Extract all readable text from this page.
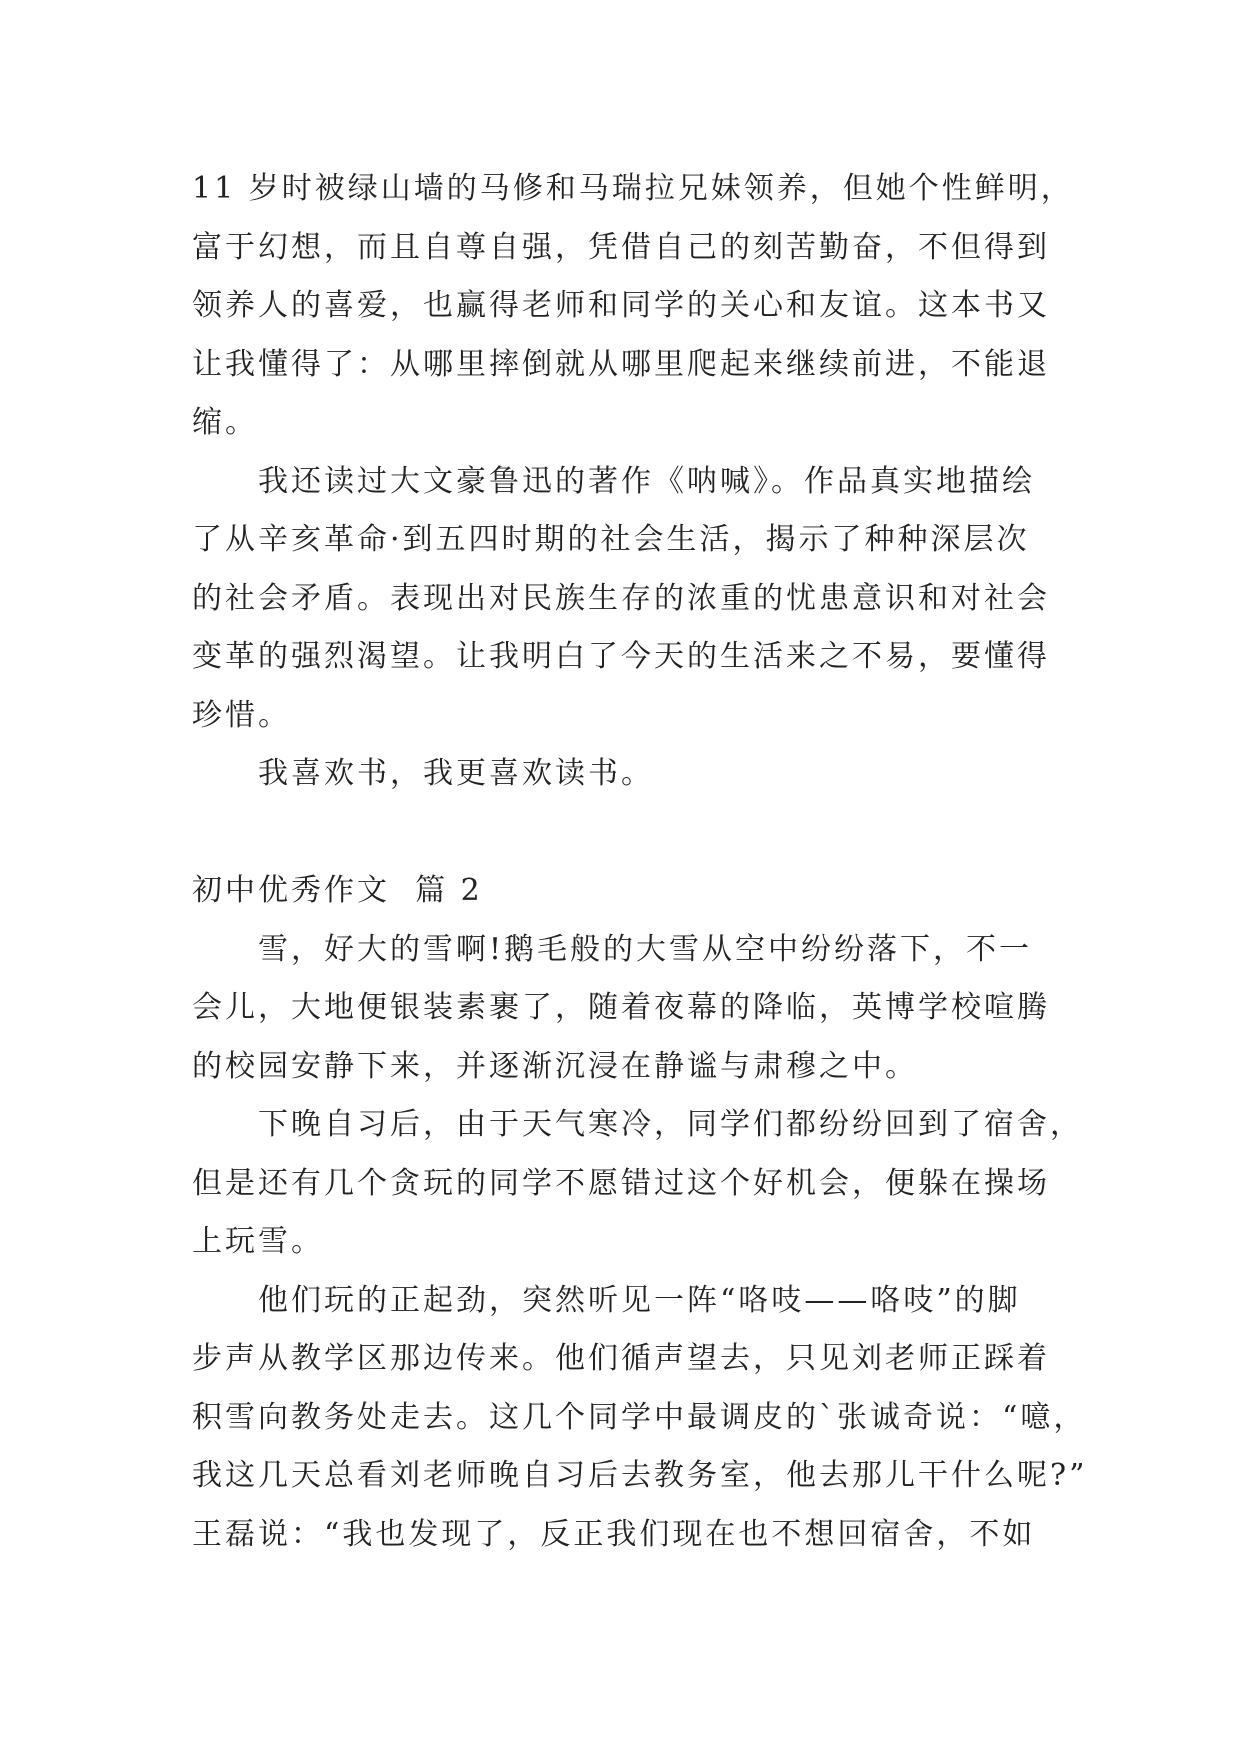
11 岁时被绿山墙的马修和马瑞拉兄妹领养，但她个性鲜明，
富于幻想，而且自尊自强，凭借自己的刻苦勤奋，不但得到
领养人的喜爱，也赢得老师和同学的关心和友谊。这本书又
让我懂得了：从哪里摔倒就从哪里爬起来继续前进，不能退
缩。
我还读过大文豪鲁迅的著作《呐喊》。作品真实地描绘
了从辛亥革命·到五四时期的社会生活，揭示了种种深层次
的社会矛盾。表现出对民族生存的浓重的忧患意识和对社会
变革的强烈渴望。让我明白了今天的生活来之不易，要懂得
珍惜。
我喜欢书，我更喜欢读书。
初中优秀作文  篇 2
雪，好大的雪啊!鹅毛般的大雪从空中纷纷落下，不一
会儿，大地便银装素裹了，随着夜幕的降临，英博学校喧腾
的校园安静下来，并逐渐沉浸在静谧与肃穆之中。
下晚自习后，由于天气寒冷，同学们都纷纷回到了宿舍，
但是还有几个贪玩的同学不愿错过这个好机会，便躲在操场
上玩雪。
他们玩的正起劲，突然听见一阵“咯吱——咯吱”的脚
步声从教学区那边传来。他们循声望去，只见刘老师正踩着
积雪向教务处走去。这几个同学中最调皮的`张诚奇说：“噫，
我这几天总看刘老师晚自习后去教务室，他去那儿干什么呢?”
王磊说：“我也发现了，反正我们现在也不想回宿舍，不如
